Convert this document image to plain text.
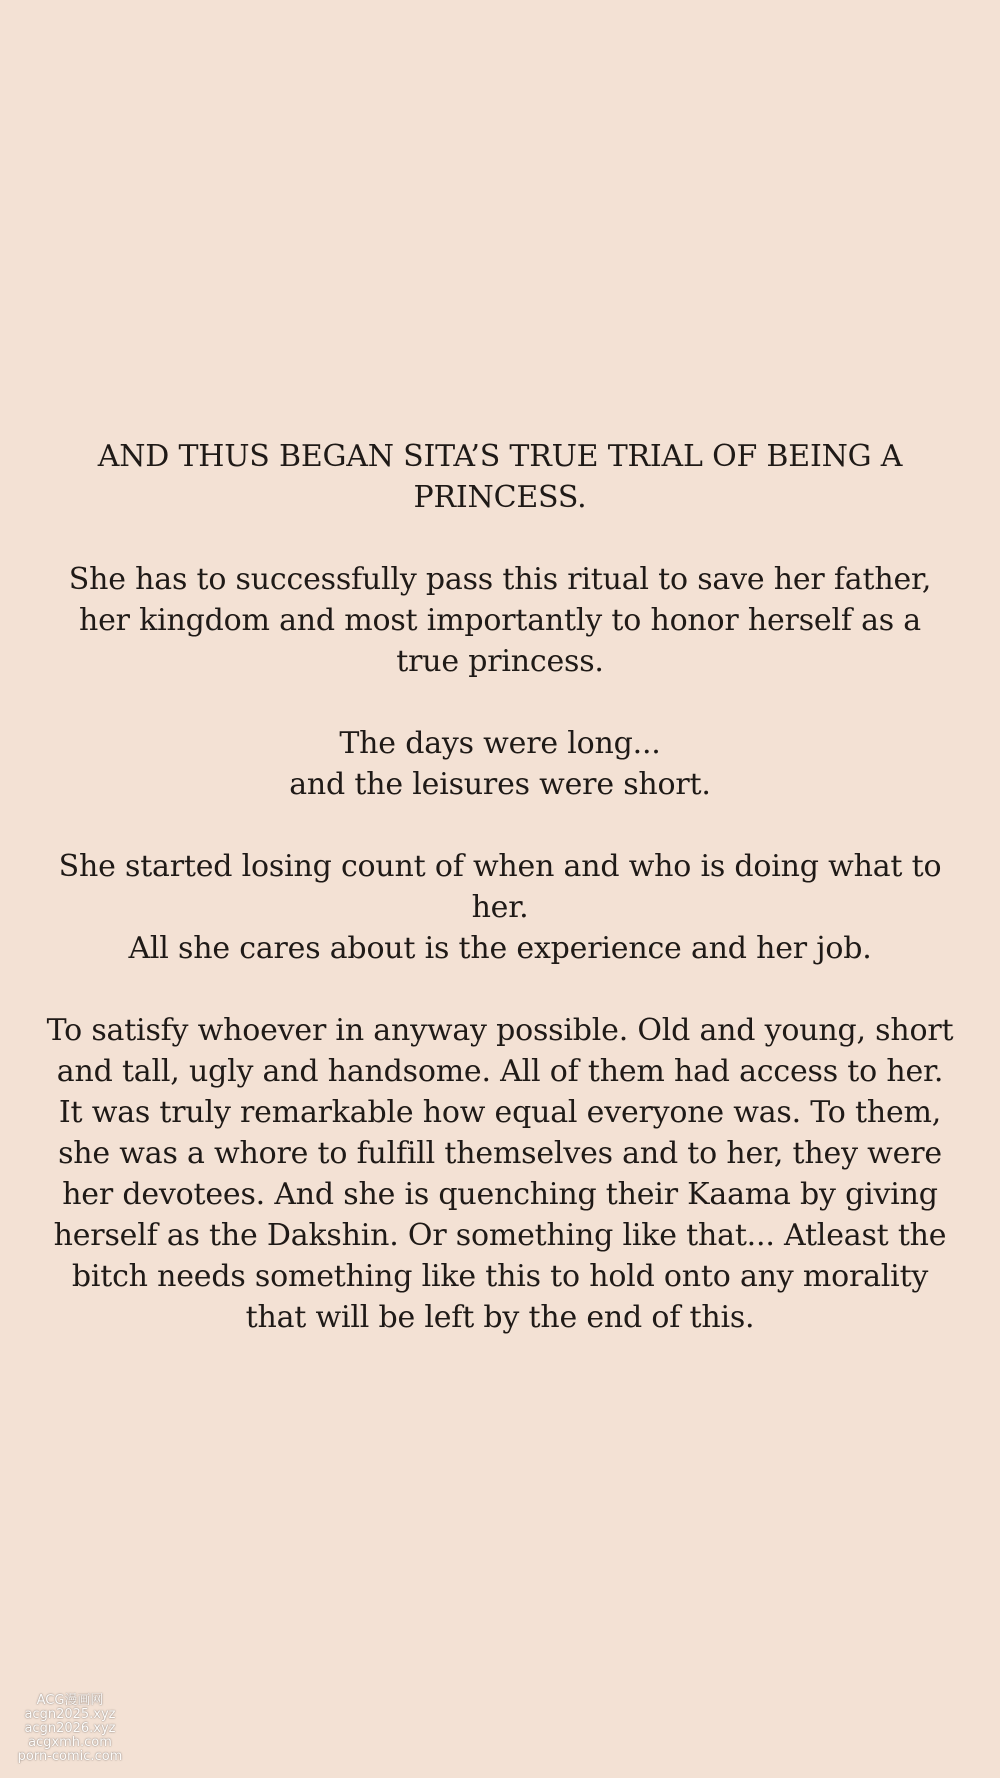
AND THUS BEGAN SITA’S TRUE TRIAL OF BEING A
PRINCESS.

She has to successfully pass this ritual to save her father,
her kingdom and most importantly to honor herself as a
true princess.

The days were long...
and the leisures were short.

She started losing count of when and who is doing what to
her.
All she cares about is the experience and her job.

To satisfy whoever in anyway possible. Old and young, short
and tall, ugly and handsome. All of them had access to her.
It was truly remarkable how equal everyone was. To them,
she was a whore to fulfill themselves and to her, they were
her devotees. And she is quenching their Kaama by giving
herself as the Dakshin. Or something like that... Atleast the
bitch needs something like this to hold onto any morality
that will be left by the end of this.

ACG漫画网
acgn2025.xyz
acgn2026.xyz
acgxmh.com
porn-comic.com
